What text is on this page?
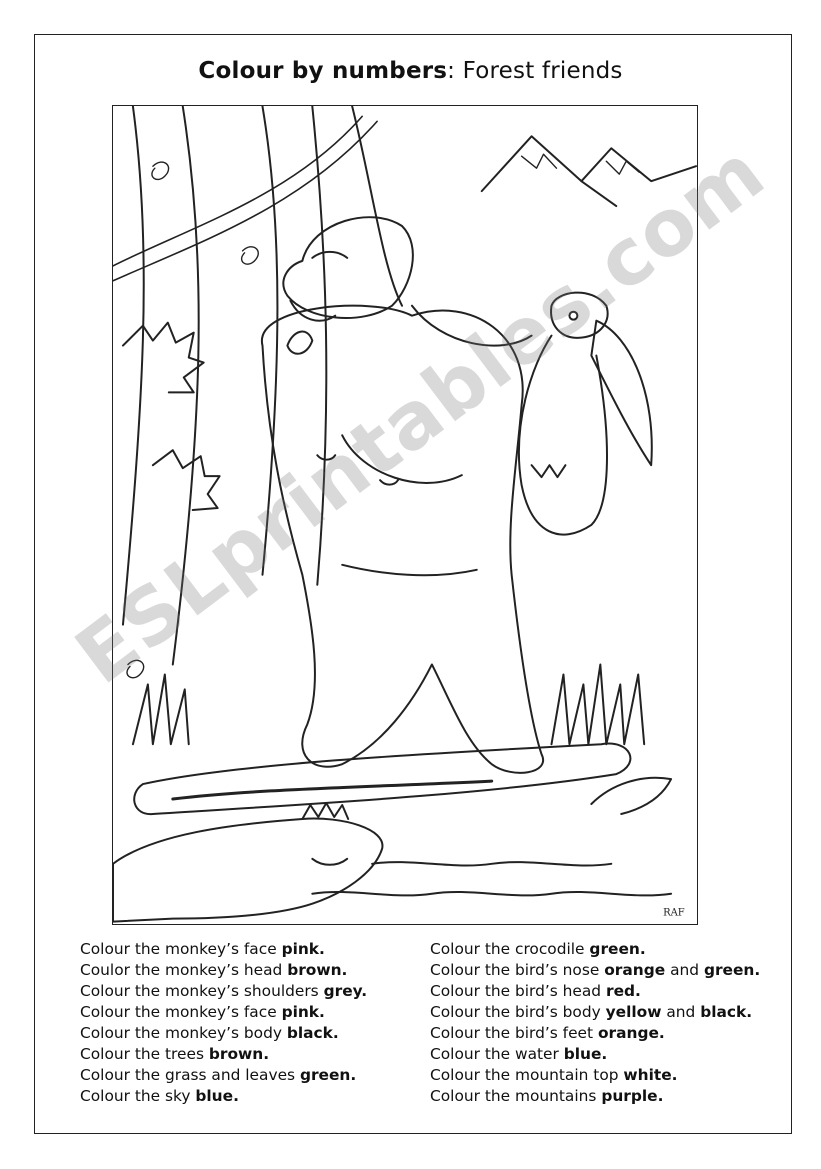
Colour by numbers: Forest friends
RAF
ESLprintables.com
Colour the monkey’s face pink.
Coulor the monkey’s head brown.
Colour the monkey’s shoulders grey.
Colour the monkey’s face pink.
Colour the monkey’s body black.
Colour the trees brown.
Colour the grass and leaves green.
Colour the sky blue.
Colour the crocodile green.
Colour the bird’s nose orange and green.
Colour the bird’s head red.
Colour the bird’s body yellow and black.
Colour the bird’s feet orange.
Colour the water blue.
Colour the mountain top white.
Colour the mountains purple.
